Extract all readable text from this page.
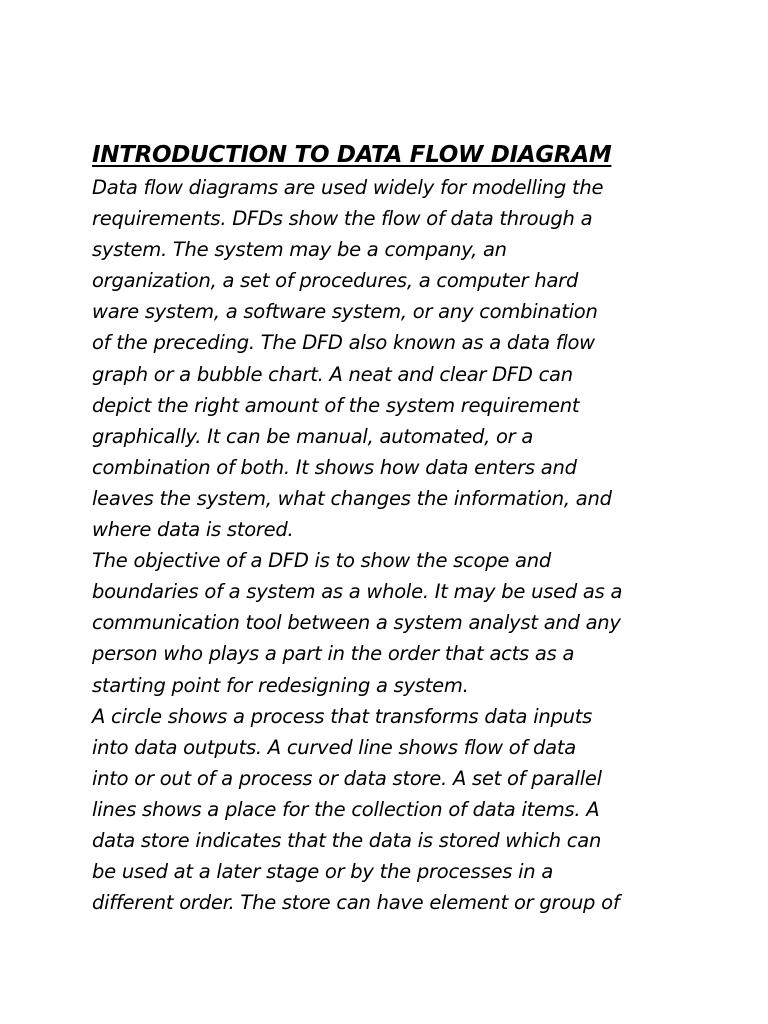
INTRODUCTION TO DATA FLOW DIAGRAM
Data flow diagrams are used widely for modelling the
requirements. DFDs show the flow of data through a
system. The system may be a company, an
organization, a set of procedures, a computer hard
ware system, a software system, or any combination
of the preceding. The DFD also known as a data flow
graph or a bubble chart. A neat and clear DFD can
depict the right amount of the system requirement
graphically. It can be manual, automated, or a
combination of both. It shows how data enters and
leaves the system, what changes the information, and
where data is stored.
The objective of a DFD is to show the scope and
boundaries of a system as a whole. It may be used as a
communication tool between a system analyst and any
person who plays a part in the order that acts as a
starting point for redesigning a system.
A circle shows a process that transforms data inputs
into data outputs. A curved line shows flow of data
into or out of a process or data store. A set of parallel
lines shows a place for the collection of data items. A
data store indicates that the data is stored which can
be used at a later stage or by the processes in a
different order. The store can have element or group of
